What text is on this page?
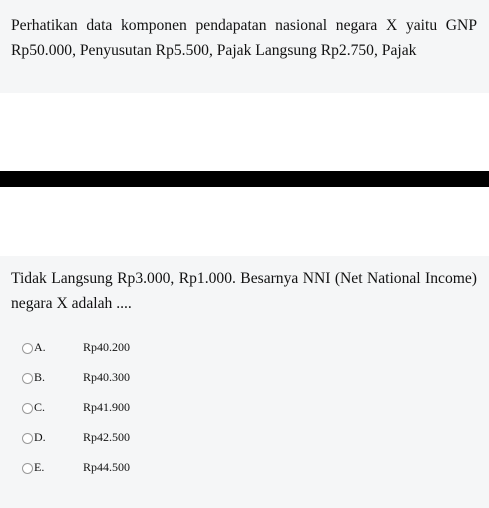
Perhatikan data komponen pendapatan nasional negara X yaitu GNP Rp50.000, Penyusutan Rp5.500, Pajak Langsung Rp2.750, Pajak

Tidak Langsung Rp3.000, Rp1.000. Besarnya NNI (Net National Income) negara X adalah ....

A.	Rp40.200
B.	Rp40.300
C.	Rp41.900
D.	Rp42.500
E.	Rp44.500
